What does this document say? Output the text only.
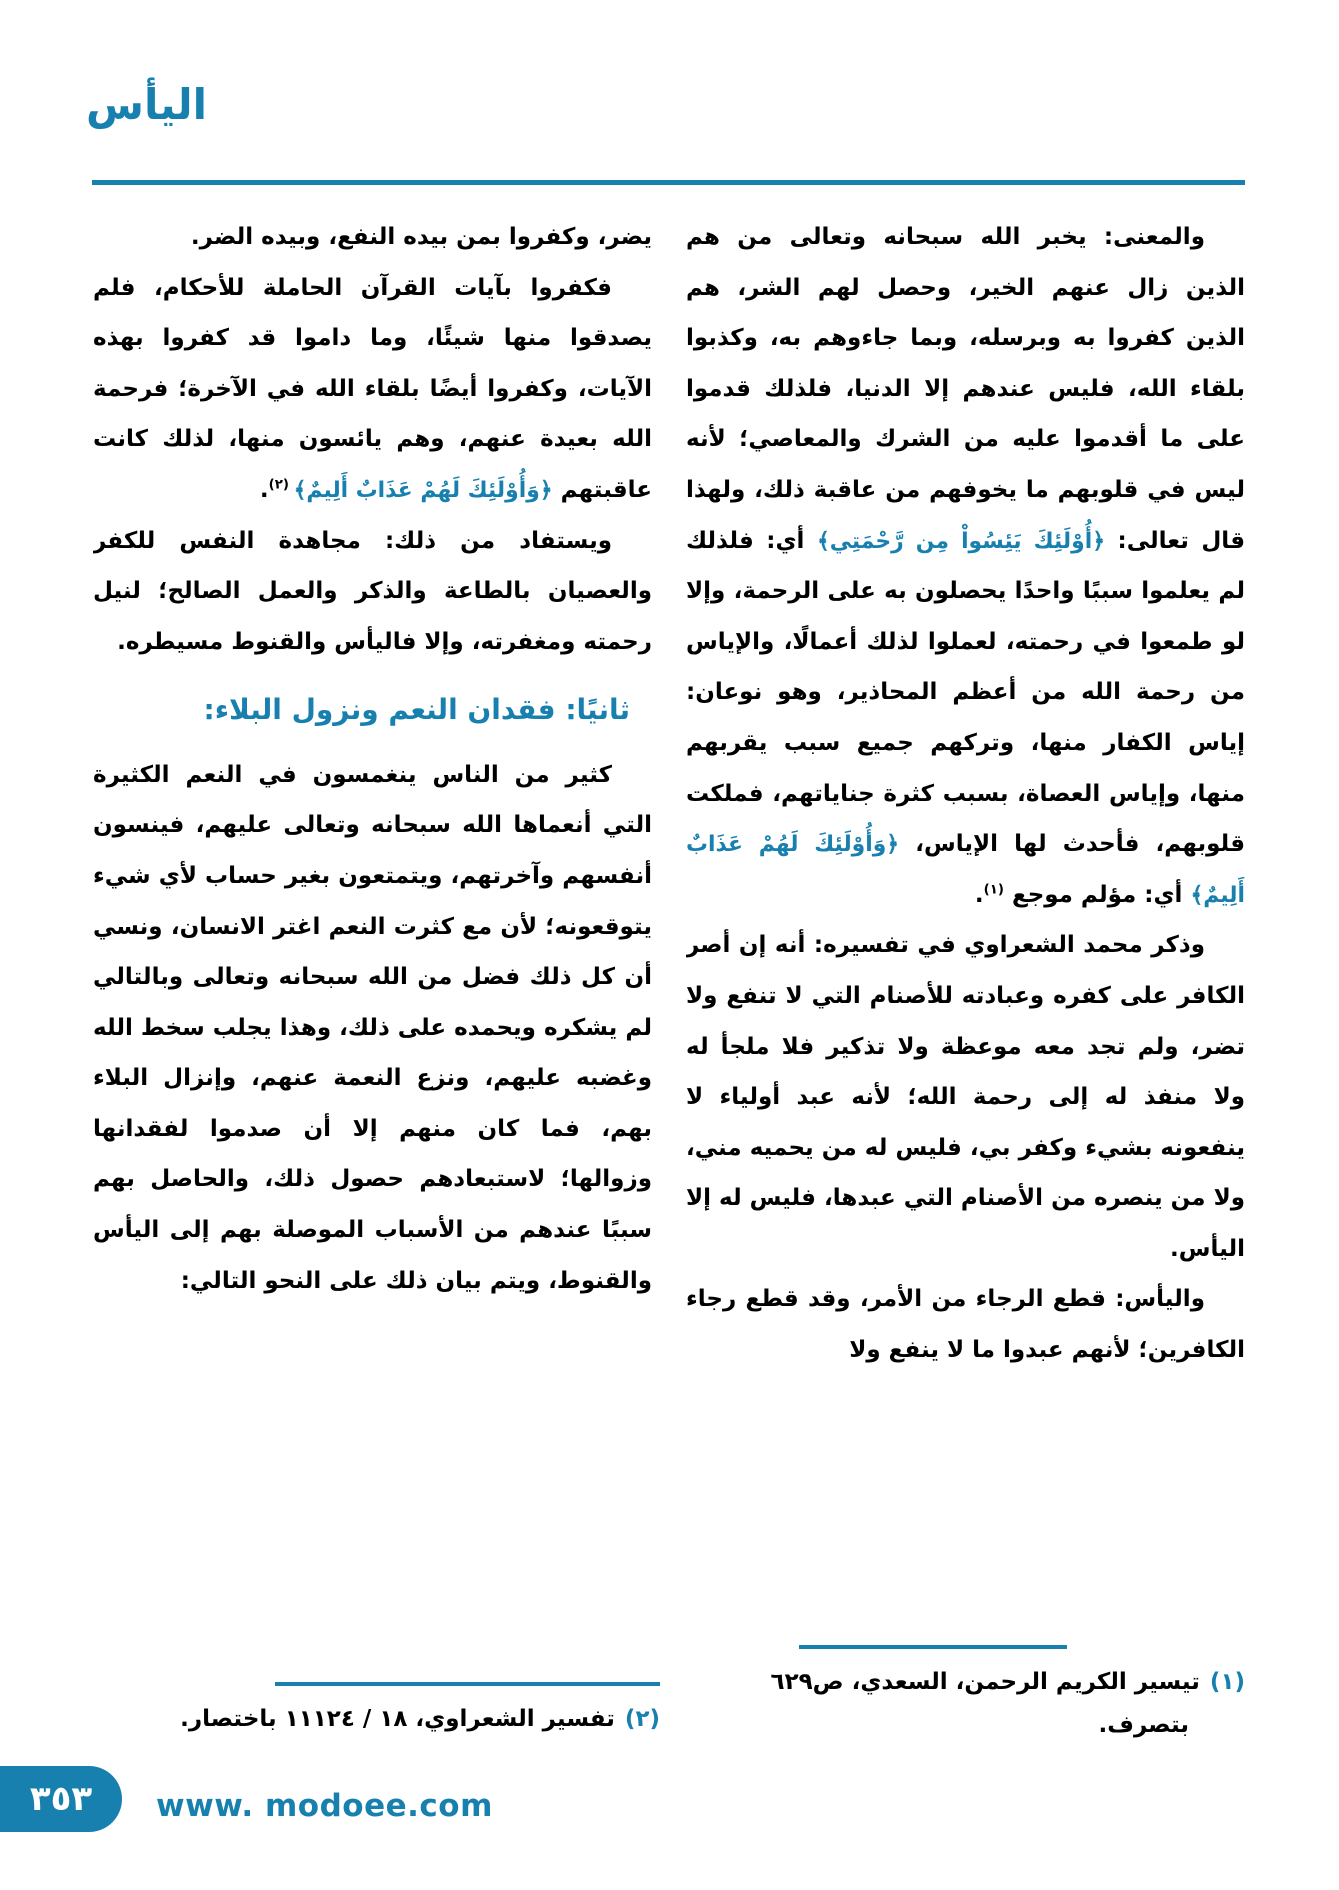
اليأس

والمعنى: يخبر الله سبحانه وتعالى من هم الذين زال عنهم الخير، وحصل لهم الشر، هم الذين كفروا به وبرسله، وبما جاءوهم به، وكذبوا بلقاء الله، فليس عندهم إلا الدنيا، فلذلك قدموا على ما أقدموا عليه من الشرك والمعاصي؛ لأنه ليس في قلوبهم ما يخوفهم من عاقبة ذلك، ولهذا قال تعالى: ﴿أُوْلَئِكَ يَئِسُواْ مِن رَّحْمَتِي﴾ أي: فلذلك لم يعلموا سببًا واحدًا يحصلون به على الرحمة، وإلا لو طمعوا في رحمته، لعملوا لذلك أعمالًا، والإياس من رحمة الله من أعظم المحاذير، وهو نوعان: إياس الكفار منها، وتركهم جميع سبب يقربهم منها، وإياس العصاة، بسبب كثرة جناياتهم، فملكت قلوبهم، فأحدث لها الإياس، ﴿وَأُوْلَئِكَ لَهُمْ عَذَابٌ أَلِيمٌ﴾ أي: مؤلم موجع $^{(١)}$.

وذكر محمد الشعراوي في تفسيره: أنه إن أصر الكافر على كفره وعبادته للأصنام التي لا تنفع ولا تضر، ولم تجد معه موعظة ولا تذكير فلا ملجأ له ولا منفذ له إلى رحمة الله؛ لأنه عبد أولياء لا ينفعونه بشيء وكفر بي، فليس له من يحميه مني، ولا من ينصره من الأصنام التي عبدها، فليس له إلا اليأس.

واليأس: قطع الرجاء من الأمر، وقد قطع رجاء الكافرين؛ لأنهم عبدوا ما لا ينفع ولا

يضر، وكفروا بمن بيده النفع، وبيده الضر.

فكفروا بآيات القرآن الحاملة للأحكام، فلم يصدقوا منها شيئًا، وما داموا قد كفروا بهذه الآيات، وكفروا أيضًا بلقاء الله في الآخرة؛ فرحمة الله بعيدة عنهم، وهم يائسون منها، لذلك كانت عاقبتهم ﴿وَأُوْلَئِكَ لَهُمْ عَذَابٌ أَلِيمٌ﴾ $^{(٢)}$.

ويستفاد من ذلك: مجاهدة النفس للكفر والعصيان بالطاعة والذكر والعمل الصالح؛ لنيل رحمته ومغفرته، وإلا فاليأس والقنوط مسيطره.

ثانيًا: فقدان النعم ونزول البلاء:

كثير من الناس ينغمسون في النعم الكثيرة التي أنعماها الله سبحانه وتعالى عليهم، فينسون أنفسهم وآخرتهم، ويتمتعون بغير حساب لأي شيء يتوقعونه؛ لأن مع كثرت النعم اغتر الانسان، ونسي أن كل ذلك فضل من الله سبحانه وتعالى وبالتالي لم يشكره ويحمده على ذلك، وهذا يجلب سخط الله وغضبه عليهم، ونزع النعمة عنهم، وإنزال البلاء بهم، فما كان منهم إلا أن صدموا لفقدانها وزوالها؛ لاستبعادهم حصول ذلك، والحاصل بهم سببًا عندهم من الأسباب الموصلة بهم إلى اليأس والقنوط، ويتم بيان ذلك على النحو التالي:

(١)تيسير الكريم الرحمن، السعدي، ص٦٢٩ بتصرف.

(٢)تفسير الشعراوي، ١٨ / ١١١٢٤ باختصار.

٣٥٣ www. modoee.com
